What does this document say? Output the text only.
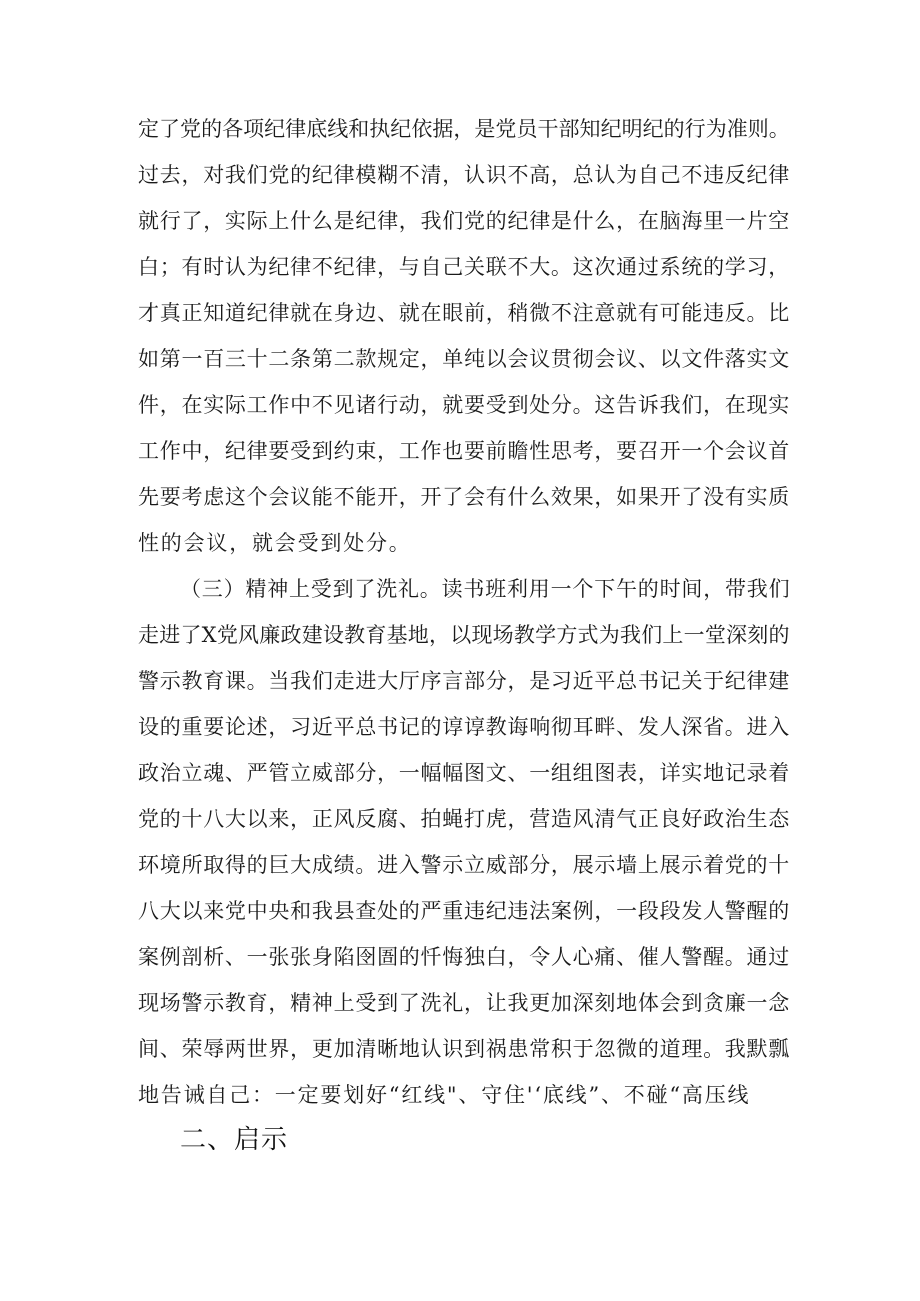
定了党的各项纪律底线和执纪依据，是党员干部知纪明纪的行为准则。
过去，对我们党的纪律模糊不清，认识不高，总认为自己不违反纪律
就行了，实际上什么是纪律，我们党的纪律是什么，在脑海里一片空
白；有时认为纪律不纪律，与自己关联不大。这次通过系统的学习，
才真正知道纪律就在身边、就在眼前，稍微不注意就有可能违反。比
如第一百三十二条第二款规定，单纯以会议贯彻会议、以文件落实文
件，在实际工作中不见诸行动，就要受到处分。这告诉我们，在现实
工作中，纪律要受到约束，工作也要前瞻性思考，要召开一个会议首
先要考虑这个会议能不能开，开了会有什么效果，如果开了没有实质
性的会议，就会受到处分。
（三）精神上受到了洗礼。读书班利用一个下午的时间，带我们
走进了X党风廉政建设教育基地，以现场教学方式为我们上一堂深刻的
警示教育课。当我们走进大厅序言部分，是习近平总书记关于纪律建
设的重要论述，习近平总书记的谆谆教诲响彻耳畔、发人深省。进入
政治立魂、严管立威部分，一幅幅图文、一组组图表，详实地记录着
党的十八大以来，正风反腐、拍蝇打虎，营造风清气正良好政治生态
环境所取得的巨大成绩。进入警示立威部分，展示墙上展示着党的十
八大以来党中央和我县查处的严重违纪违法案例，一段段发人警醒的
案例剖析、一张张身陷囹圄的忏悔独白，令人心痛、催人警醒。通过
现场警示教育，精神上受到了洗礼，让我更加深刻地体会到贪廉一念
间、荣辱两世界，更加清晰地认识到祸患常积于忽微的道理。我默瓢
地告诫自己：一定要划好“红线"、守住'‘底线”、不碰“高压线
二、启示
